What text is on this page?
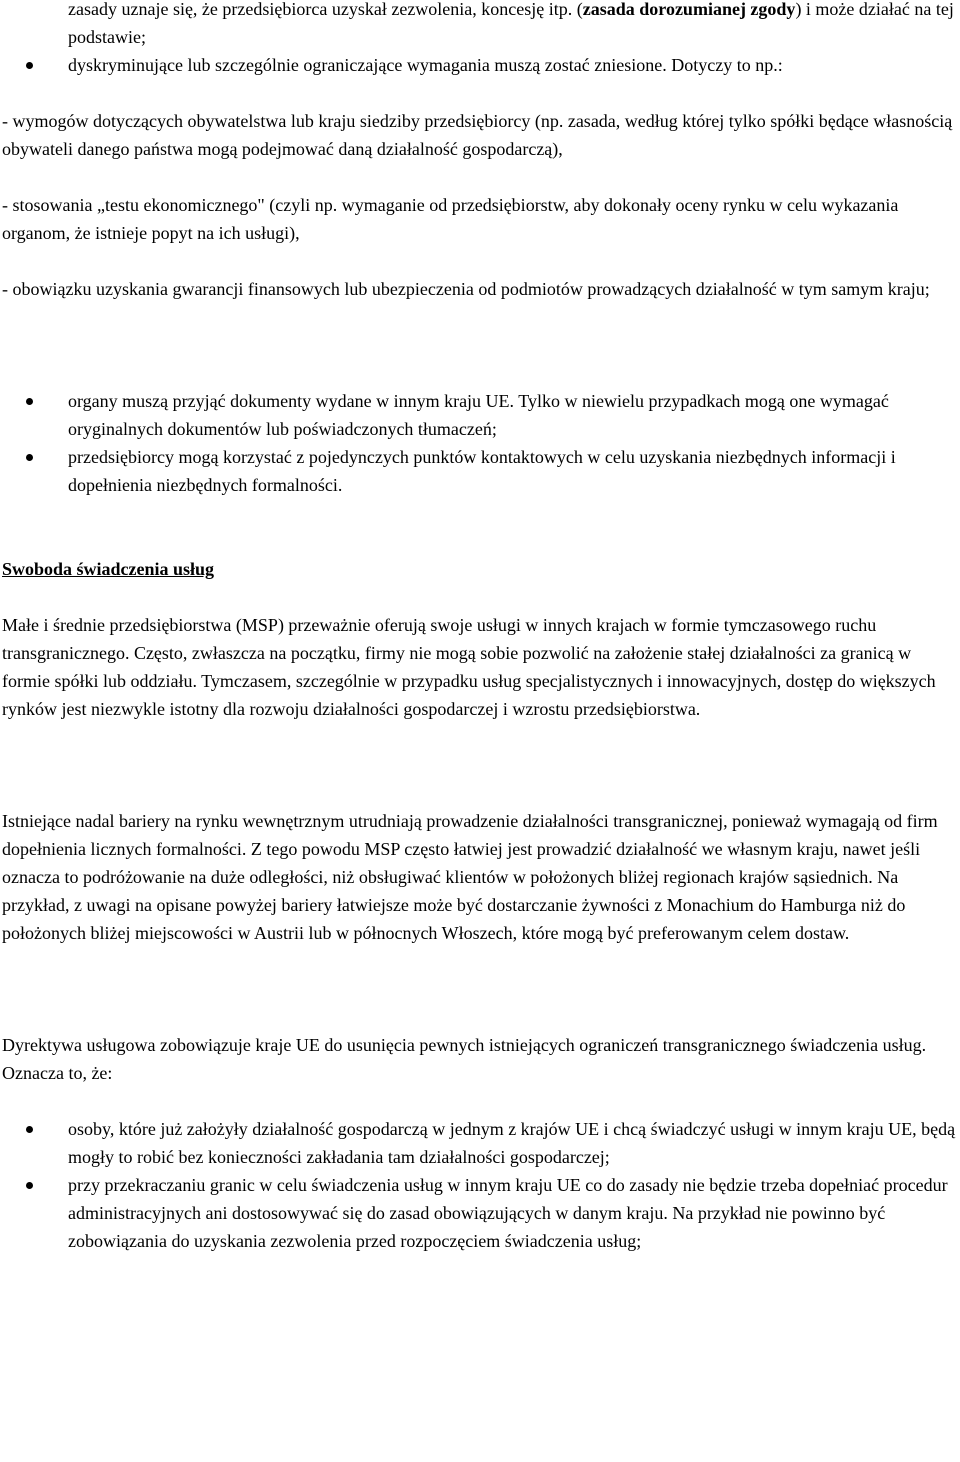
zasady uznaje się, że przedsiębiorca uzyskał zezwolenia, koncesję itp. (zasada dorozumianej zgody) i może działać na tej podstawie;
dyskryminujące lub szczególnie ograniczające wymagania muszą zostać zniesione. Dotyczy to np.:

- wymogów dotyczących obywatelstwa lub kraju siedziby przedsiębiorcy (np. zasada, według której tylko spółki będące własnością obywateli danego państwa mogą podejmować daną działalność gospodarczą),

- stosowania „testu ekonomicznego" (czyli np. wymaganie od przedsiębiorstw, aby dokonały oceny rynku w celu wykazania organom, że istnieje popyt na ich usługi),

- obowiązku uzyskania gwarancji finansowych lub ubezpieczenia od podmiotów prowadzących działalność w tym samym kraju;

organy muszą przyjąć dokumenty wydane w innym kraju UE. Tylko w niewielu przypadkach mogą one wymagać oryginalnych dokumentów lub poświadczonych tłumaczeń;
przedsiębiorcy mogą korzystać z pojedynczych punktów kontaktowych w celu uzyskania niezbędnych informacji i dopełnienia niezbędnych formalności.
Swoboda świadczenia usług

Małe i średnie przedsiębiorstwa (MSP) przeważnie oferują swoje usługi w innych krajach w formie tymczasowego ruchu transgranicznego. Często, zwłaszcza na początku, firmy nie mogą sobie pozwolić na założenie stałej działalności za granicą w formie spółki lub oddziału. Tymczasem, szczególnie w przypadku usług specjalistycznych i innowacyjnych, dostęp do większych rynków jest niezwykle istotny dla rozwoju działalności gospodarczej i wzrostu przedsiębiorstwa.

Istniejące nadal bariery na rynku wewnętrznym utrudniają prowadzenie działalności transgranicznej, ponieważ wymagają od firm dopełnienia licznych formalności. Z tego powodu MSP często łatwiej jest prowadzić działalność we własnym kraju, nawet jeśli oznacza to podróżowanie na duże odległości, niż obsługiwać klientów w położonych bliżej regionach krajów sąsiednich. Na przykład, z uwagi na opisane powyżej bariery łatwiejsze może być dostarczanie żywności z Monachium do Hamburga niż do położonych bliżej miejscowości w Austrii lub w północnych Włoszech, które mogą być preferowanym celem dostaw.

Dyrektywa usługowa zobowiązuje kraje UE do usunięcia pewnych istniejących ograniczeń transgranicznego świadczenia usług. Oznacza to, że:

osoby, które już założyły działalność gospodarczą w jednym z krajów UE i chcą świadczyć usługi w innym kraju UE, będą mogły to robić bez konieczności zakładania tam działalności gospodarczej;
przy przekraczaniu granic w celu świadczenia usług w innym kraju UE co do zasady nie będzie trzeba dopełniać procedur administracyjnych ani dostosowywać się do zasad obowiązujących w danym kraju. Na przykład nie powinno być zobowiązania do uzyskania zezwolenia przed rozpoczęciem świadczenia usług;
